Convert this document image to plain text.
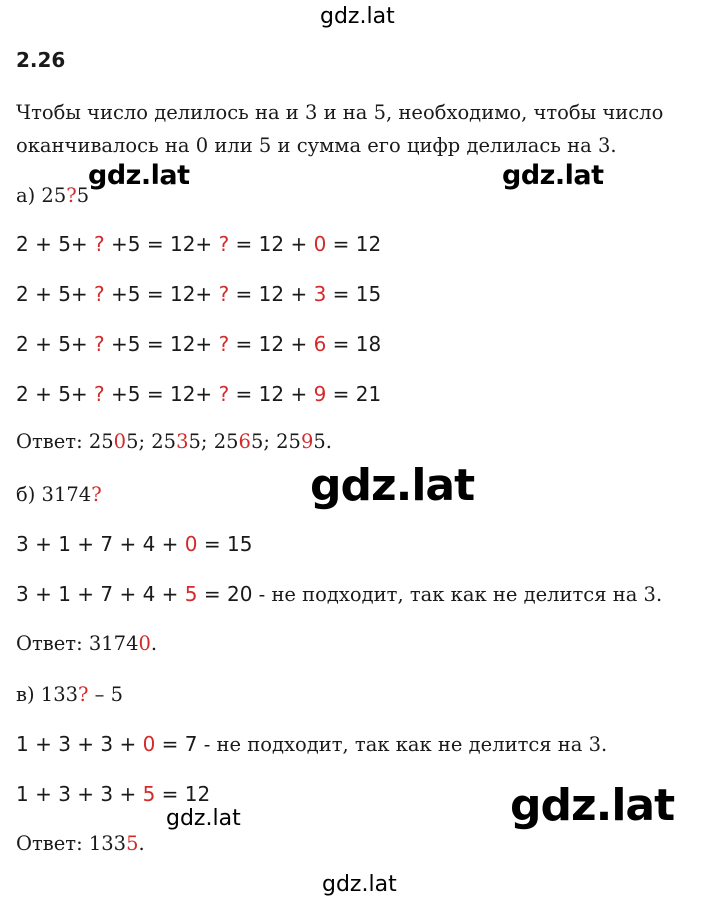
gdz.lat
2.26
Чтобы число делилось на и 3 и на 5, необходимо, чтобы число
оканчивалось на 0 или 5 и сумма его цифр делилась на 3.
gdz.lat	gdz.lat
а) 25?5
2 + 5+ ? +5 = 12+ ? = 12 + 0 = 12
2 + 5+ ? +5 = 12+ ? = 12 + 3 = 15
2 + 5+ ? +5 = 12+ ? = 12 + 6 = 18
2 + 5+ ? +5 = 12+ ? = 12 + 9 = 21
Ответ: 2505; 2535; 2565; 2595.
gdz.lat
б) 3174?
3 + 1 + 7 + 4 + 0 = 15
3 + 1 + 7 + 4 + 5 = 20 - не подходит, так как не делится на 3.
Ответ: 31740.
в) 133? – 5
1 + 3 + 3 + 0 = 7 - не подходит, так как не делится на 3.
1 + 3 + 3 + 5 = 12	gdz.lat
gdz.lat
Ответ: 1335.
gdz.lat
